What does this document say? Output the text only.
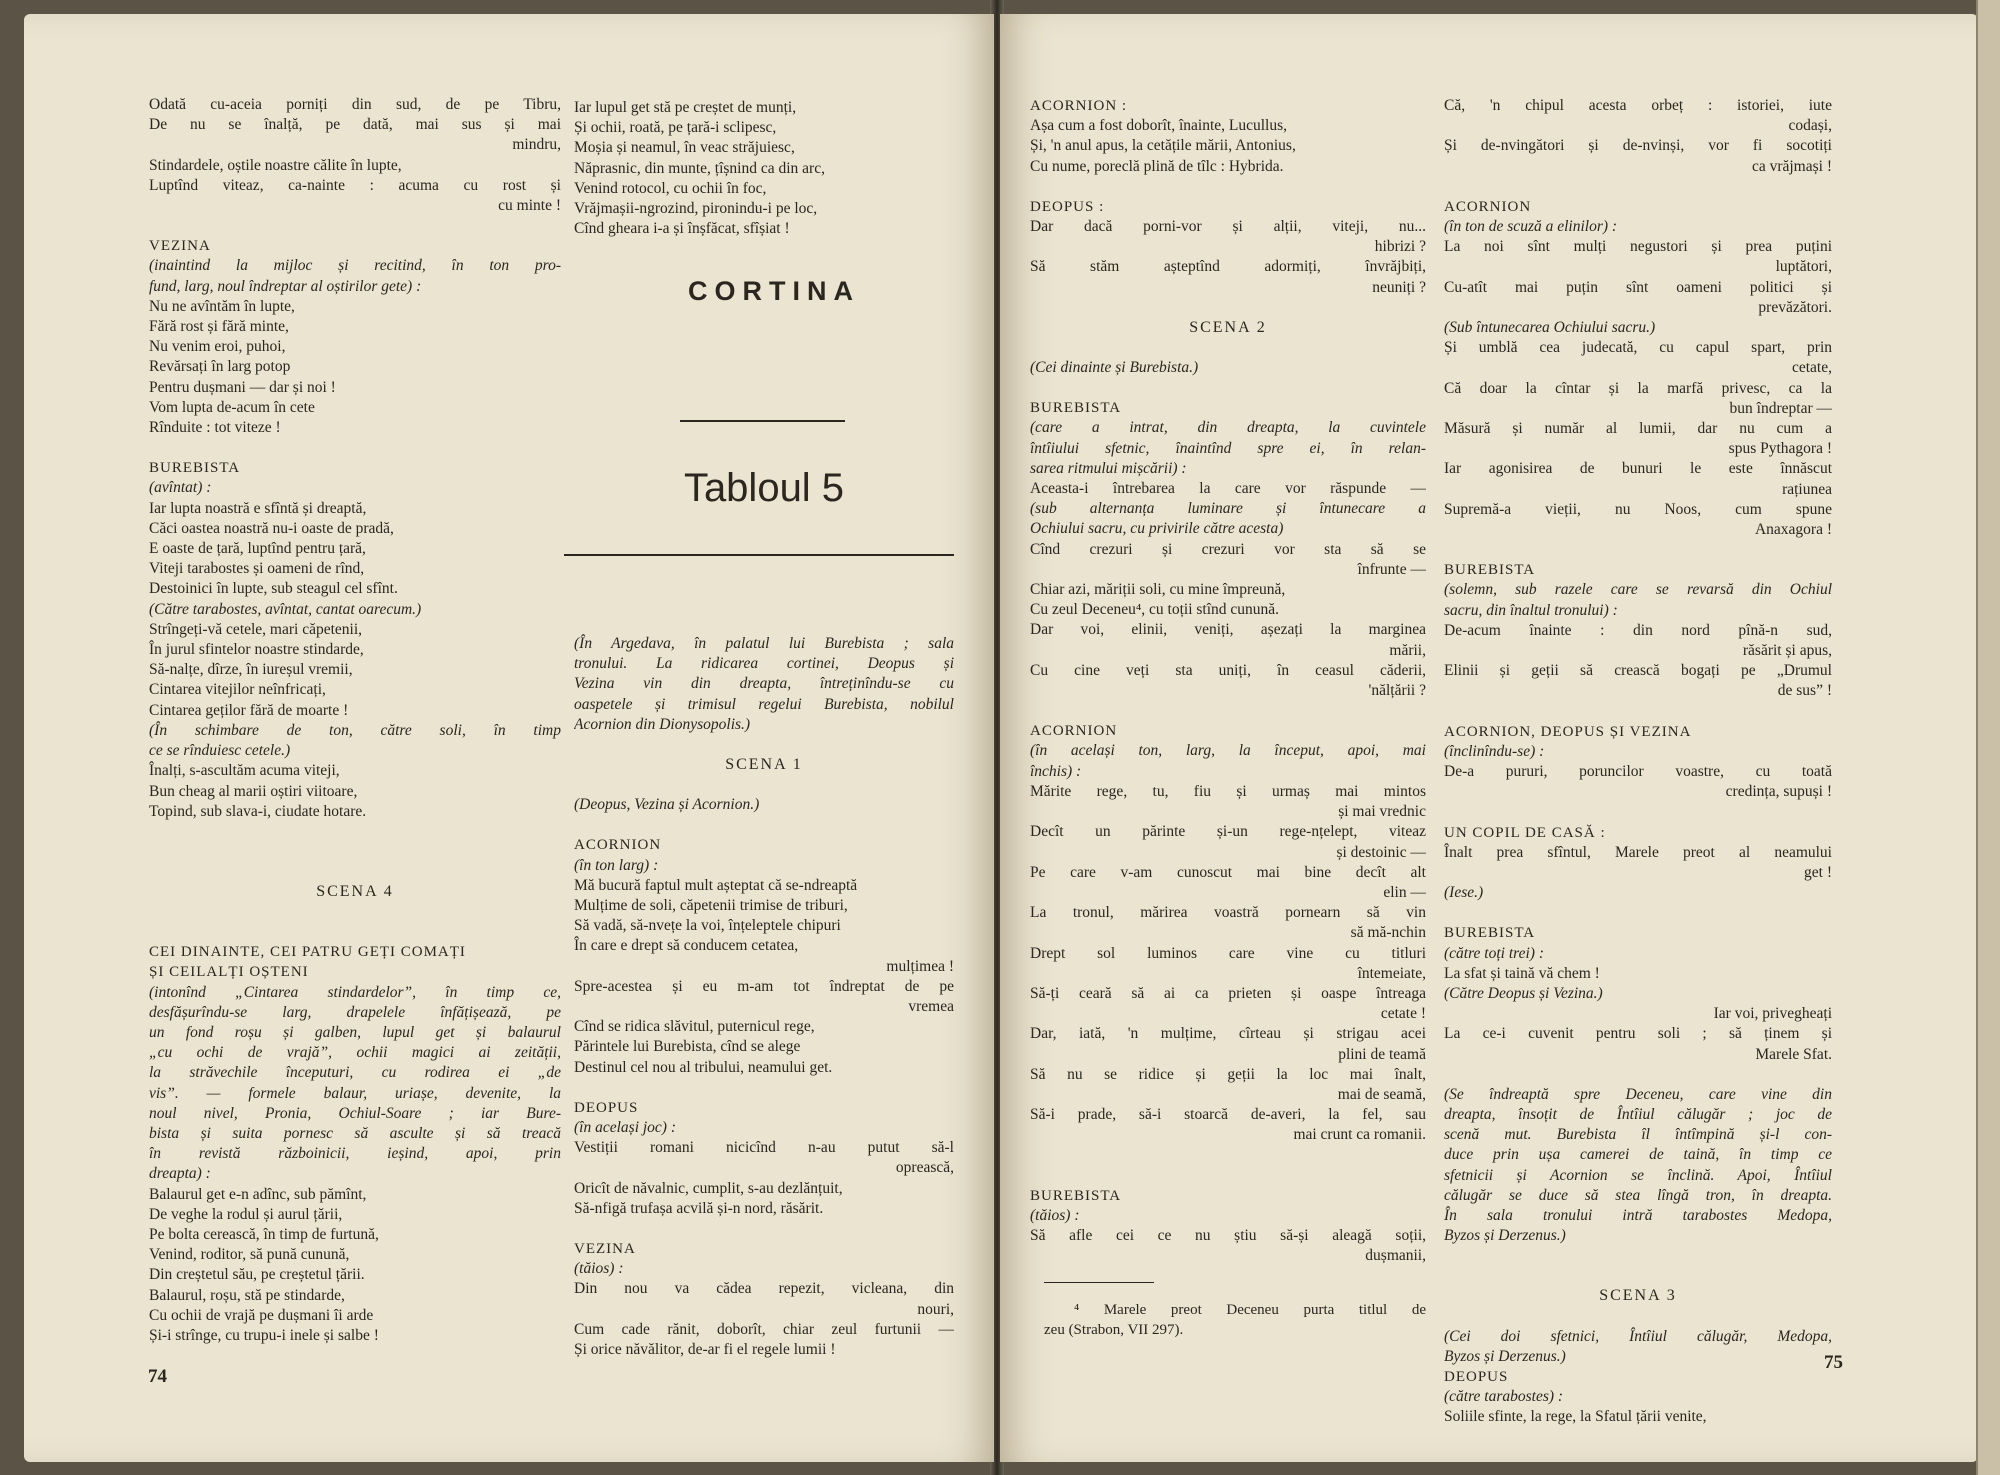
Odată cu-aceia porniți din sud, de pe Tibru,
De nu se înalță, pe dată, mai sus și mai
mindru,
Stindardele, oștile noastre călite în lupte,
Luptînd viteaz, ca-nainte : acuma cu rost și
cu minte !
VEZINA
(inaintind la mijloc și recitind, în ton pro-
fund, larg, noul îndreptar al oștirilor gete) :
Nu ne avîntăm în lupte,
Fără rost și fără minte,
Nu venim eroi, puhoi,
Revărsați în larg potop
Pentru dușmani — dar și noi !
Vom lupta de-acum în cete
Rînduite : tot viteze !
BUREBISTA
(avîntat) :
Iar lupta noastră e sfîntă și dreaptă,
Căci oastea noastră nu-i oaste de pradă,
E oaste de țară, luptînd pentru țară,
Viteji tarabostes și oameni de rînd,
Destoinici în lupte, sub steagul cel sfînt.
(Către tarabostes, avîntat, cantat oarecum.)
Strîngeți-vă cetele, mari căpetenii,
În jurul sfintelor noastre stindarde,
Să-nalțe, dîrze, în iureșul vremii,
Cintarea vitejilor neînfricați,
Cintarea geților fără de moarte !
(În schimbare de ton, către soli, în timp
ce se rînduiesc cetele.)
Înalți, s-ascultăm acuma viteji,
Bun cheag al marii oștiri viitoare,
Topind, sub slava-i, ciudate hotare.
SCENA 4
CEI DINAINTE, CEI PATRU GEȚI COMAȚI
ȘI CEILALȚI OȘTENI
(intonînd „Cintarea stindardelor”, în timp ce,
desfășurîndu-se larg, drapelele înfățișează, pe
un fond roșu și galben, lupul get și balaurul
„cu ochi de vrajă”, ochii magici ai zeității,
la străvechile începuturi, cu rodirea ei „de
vis”. — formele balaur, uriașe, devenite, la
noul nivel, Pronia, Ochiul-Soare ; iar Bure-
bista și suita pornesc să asculte și să treacă
în revistă războinicii, ieșind, apoi, prin
dreapta) :
Balaurul get e-n adînc, sub pămînt,
De veghe la rodul și aurul țării,
Pe bolta cerească, în timp de furtună,
Venind, roditor, să pună cunună,
Din creștetul său, pe creștetul țării.
Balaurul, roșu, stă pe stindarde,
Cu ochii de vrajă pe dușmani îi arde
Și-i strînge, cu trupu-i inele și salbe !
Iar lupul get stă pe creștet de munți,
Și ochii, roată, pe țară-i sclipesc,
Moșia și neamul, în veac străjuiesc,
Năprasnic, din munte, țîșnind ca din arc,
Venind rotocol, cu ochii în foc,
Vrăjmașii-ngrozind, pironindu-i pe loc,
Cînd gheara i-a și înșfăcat, sfîșiat !
CORTINA
Tabloul 5
(În Argedava, în palatul lui Burebista ; sala
tronului. La ridicarea cortinei, Deopus și
Vezina vin din dreapta, întreținîndu-se cu
oaspetele și trimisul regelui Burebista, nobilul
Acornion din Dionysopolis.)
SCENA 1
(Deopus, Vezina și Acornion.)
ACORNION
(în ton larg) :
Mă bucură faptul mult așteptat că se-ndreaptă
Mulțime de soli, căpetenii trimise de triburi,
Să vadă, să-nvețe la voi, înțeleptele chipuri
În care e drept să conducem cetatea,
mulțimea !
Spre-acestea și eu m-am tot îndreptat de pe
vremea
Cînd se ridica slăvitul, puternicul rege,
Părintele lui Burebista, cînd se alege
Destinul cel nou al tribului, neamului get.
DEOPUS
(în același joc) :
Vestiții romani nicicînd n-au putut să-l
oprească,
Oricît de năvalnic, cumplit, s-au dezlănțuit,
Să-nfigă trufașa acvilă și-n nord, răsărit.
VEZINA
(tăios) :
Din nou va cădea repezit, vicleana, din
nouri,
Cum cade rănit, doborît, chiar zeul furtunii —
Și orice năvălitor, de-ar fi el regele lumii !
74
ACORNION :
Așa cum a fost doborît, înainte, Lucullus,
Și, 'n anul apus, la cetățile mării, Antonius,
Cu nume, poreclă plină de tîlc : Hybrida.
DEOPUS :
Dar dacă porni-vor și alții, viteji, nu...
hibrizi ?
Să stăm așteptînd adormiți, învrăjbiți,
neuniți ?
SCENA 2
(Cei dinainte și Burebista.)
BUREBISTA
(care a intrat, din dreapta, la cuvintele
întîiului sfetnic, înaintînd spre ei, în relan-
sarea ritmului mișcării) :
Aceasta-i întrebarea la care vor răspunde —
(sub alternanța luminare și întunecare a
Ochiului sacru, cu privirile către acesta)
Cînd crezuri și crezuri vor sta să se
înfrunte —
Chiar azi, măriții soli, cu mine împreună,
Cu zeul Deceneu⁴, cu toții stînd cunună.
Dar voi, elinii, veniți, așezați la marginea
mării,
Cu cine veți sta uniți, în ceasul căderii,
'nălțării ?
ACORNION
(în același ton, larg, la început, apoi, mai
închis) :
Mărite rege, tu, fiu și urmaș mai mintos
și mai vrednic
Decît un părinte și-un rege-nțelept, viteaz
și destoinic —
Pe care v-am cunoscut mai bine decît alt
elin —
La tronul, mărirea voastră pornearn să vin
să mă-nchin
Drept sol luminos care vine cu titluri
întemeiate,
Să-ți ceară să ai ca prieten și oaspe întreaga
cetate !
Dar, iată, 'n mulțime, cîrteau și strigau acei
plini de teamă
Să nu se ridice și geții la loc mai înalt,
mai de seamă,
Să-i prade, să-i stoarcă de-averi, la fel, sau
mai crunt ca romanii.
BUREBISTA
(tăios) :
Să afle cei ce nu știu să-și aleagă soții,
dușmanii,
⁴ Marele preot Deceneu purta titlul de
zeu (Strabon, VII 297).
Că, 'n chipul acesta orbeț : istoriei, iute
codași,
Și de-nvingători și de-nvinși, vor fi socotiți
ca vrăjmași !
ACORNION
(în ton de scuză a elinilor) :
La noi sînt mulți negustori și prea puțini
luptători,
Cu-atît mai puțin sînt oameni politici și
prevăzători.
(Sub întunecarea Ochiului sacru.)
Și umblă cea judecată, cu capul spart, prin
cetate,
Că doar la cîntar și la marfă privesc, ca la
bun îndreptar —
Măsură și număr al lumii, dar nu cum a
spus Pythagora !
Iar agonisirea de bunuri le este înnăscut
rațiunea
Supremă-a vieții, nu Noos, cum spune
Anaxagora !
BUREBISTA
(solemn, sub razele care se revarsă din Ochiul
sacru, din înaltul tronului) :
De-acum înainte : din nord pînă-n sud,
răsărit și apus,
Elinii și geții să crească bogați pe „Drumul
de sus” !
ACORNION, DEOPUS ȘI VEZINA
(înclinîndu-se) :
De-a pururi, poruncilor voastre, cu toată
credința, supuși !
UN COPIL DE CASĂ :
Înalt prea sfîntul, Marele preot al neamului
get !
(Iese.)
BUREBISTA
(către toți trei) :
La sfat și taină vă chem !
(Către Deopus și Vezina.)
Iar voi, privegheați
La ce-i cuvenit pentru soli ; să ținem și
Marele Sfat.
(Se îndreaptă spre Deceneu, care vine din
dreapta, însoțit de Întîiul călugăr ; joc de
scenă mut. Burebista îl întîmpină și-l con-
duce prin ușa camerei de taină, în timp ce
sfetnicii și Acornion se înclină. Apoi, Întîiul
călugăr se duce să stea lîngă tron, în dreapta.
În sala tronului intră tarabostes Medopa,
Byzos și Derzenus.)
SCENA 3
(Cei doi sfetnici, Întîiul călugăr, Medopa,
Byzos și Derzenus.)
DEOPUS
(către tarabostes) :
Soliile sfinte, la rege, la Sfatul țării venite,
75
